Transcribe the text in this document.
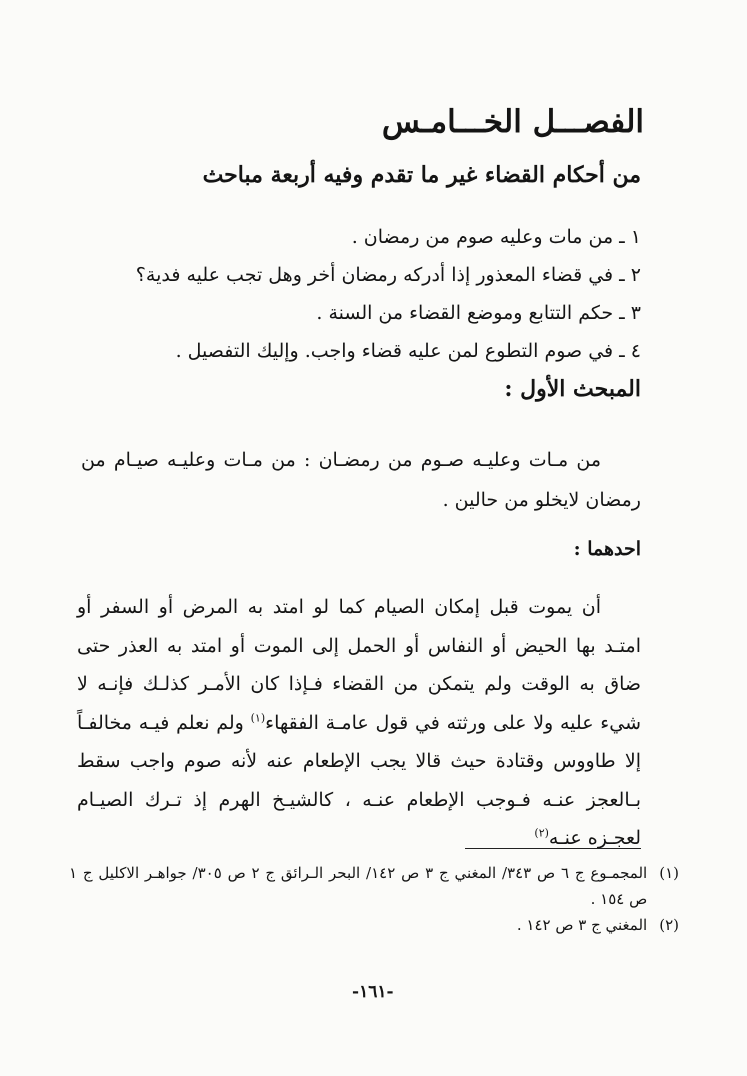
الفصـــل الخـــامـس
من أحكام القضاء غير ما تقدم وفيه أربعة مباحث
١ ـ من مات وعليه صوم من رمضان .
٢ ـ في قضاء المعذور إذا أدركه رمضان أخر وهل تجب عليه فدية؟
٣ ـ حكم التتابع وموضع القضاء من السنة .
٤ ـ في صوم التطوع لمن عليه قضاء واجب. وإليك التفصيل .
المبحث الأول :

من مـات وعليـه صـوم من رمضـان : من مـات وعليـه صيـام من رمضان لايخلو من حالين .

احدهما :

أن يموت قبل إمكان الصيام كما لو امتد به المرض أو السفر أو امتـد بها الحيض أو النفاس أو الحمل إلى الموت أو امتد به العذر حتى ضاق به الوقت ولم يتمكن من القضاء فـإذا كان الأمـر كذلـك فإنـه لا شيء عليه ولا على ورثته في قول عامـة الفقهاء$^{(١)}$ ولم نعلم فيـه مخالفـاً إلا طاووس وقتادة حيث قالا يجب الإطعام عنه لأنه صوم واجب سقط بـالعجز عنـه فـوجب الإطعام عنـه ، كالشيـخ الهرم إذ تـرك الصيـام لعجـزه عنـه$^{(٢)}$

(١)
المجمـوع ج ٦ ص ٣٤٣/ المغني ج ٣ ص ١٤٢/ البحر الـرائق ج ٢ ص ٣٠٥/ جواهـر الاكليل ج ١ ص ١٥٤ .
(٢)
المغني ج ٣ ص ١٤٢ .
-١٦١-
